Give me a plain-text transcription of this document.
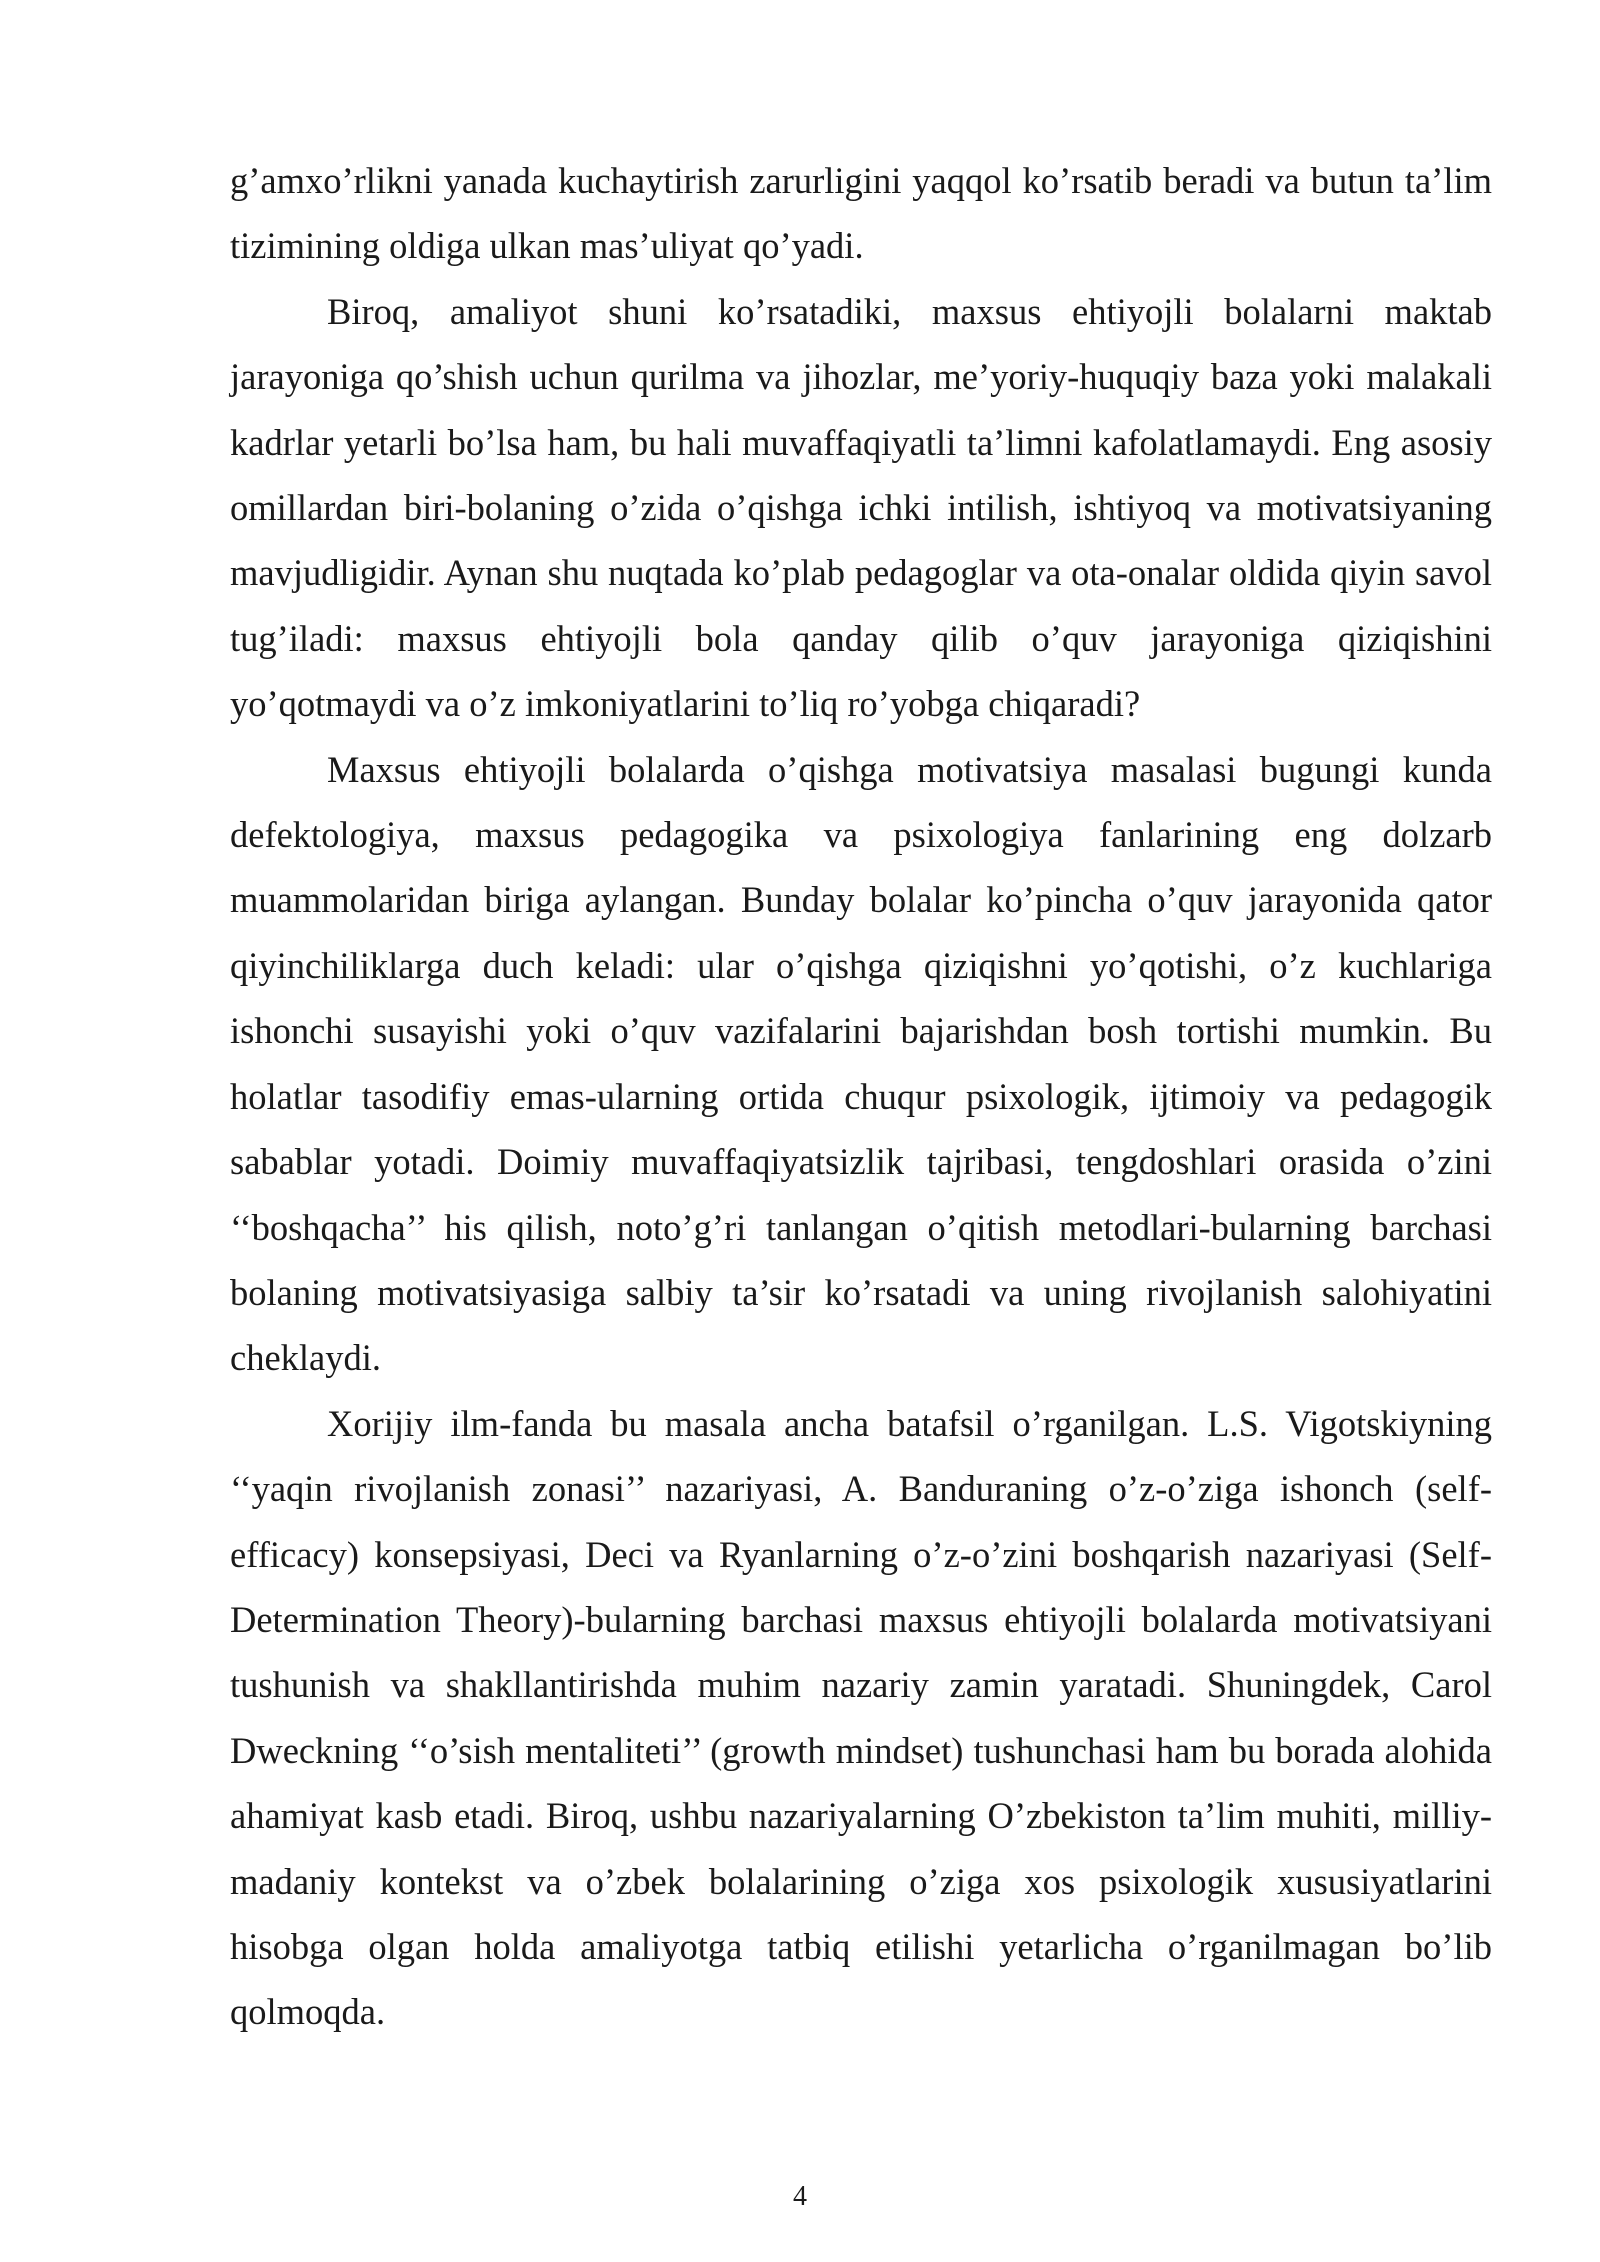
g’amxo’rlikni yanada kuchaytirish zarurligini yaqqol ko’rsatib beradi va butun ta’lim tizimining oldiga ulkan mas’uliyat qo’yadi.

Biroq, amaliyot shuni ko’rsatadiki, maxsus ehtiyojli bolalarni maktab jarayoniga qo’shish uchun qurilma va jihozlar, me’yoriy-huquqiy baza yoki malakali kadrlar yetarli bo’lsa ham, bu hali muvaffaqiyatli ta’limni kafolatlamaydi. Eng asosiy omillardan biri-bolaning o’zida o’qishga ichki intilish, ishtiyoq va motivatsiyaning mavjudligidir. Aynan shu nuqtada ko’plab pedagoglar va ota-onalar oldida qiyin savol tug’iladi: maxsus ehtiyojli bola qanday qilib o’quv jarayoniga qiziqishini yo’qotmaydi va o’z imkoniyatlarini to’liq ro’yobga chiqaradi?

Maxsus ehtiyojli bolalarda o’qishga motivatsiya masalasi bugungi kunda defektologiya, maxsus pedagogika va psixologiya fanlarining eng dolzarb muammolaridan biriga aylangan. Bunday bolalar ko’pincha o’quv jarayonida qator qiyinchiliklarga duch keladi: ular o’qishga qiziqishni yo’qotishi, o’z kuchlariga ishonchi susayishi yoki o’quv vazifalarini bajarishdan bosh tortishi mumkin. Bu holatlar tasodifiy emas-ularning ortida chuqur psixologik, ijtimoiy va pedagogik sabablar yotadi. Doimiy muvaffaqiyatsizlik tajribasi, tengdoshlari orasida o’zini ‘‘boshqacha’’ his qilish, noto’g’ri tanlangan o’qitish metodlari-bularning barchasi bolaning motivatsiyasiga salbiy ta’sir ko’rsatadi va uning rivojlanish salohiyatini cheklaydi.

Xorijiy ilm-fanda bu masala ancha batafsil o’rganilgan. L.S. Vigotskiyning ‘‘yaqin rivojlanish zonasi’’ nazariyasi, A. Banduraning o’z-o’ziga ishonch (self-efficacy) konsepsiyasi, Deci va Ryanlarning o’z-o’zini boshqarish nazariyasi (Self-Determination Theory)-bularning barchasi maxsus ehtiyojli bolalarda motivatsiyani tushunish va shakllantirishda muhim nazariy zamin yaratadi. Shuningdek, Carol Dweckning ‘‘o’sish mentaliteti’’ (growth mindset) tushunchasi ham bu borada alohida ahamiyat kasb etadi. Biroq, ushbu nazariyalarning O’zbekiston ta’lim muhiti, milliy-madaniy kontekst va o’zbek bolalarining o’ziga xos psixologik xususiyatlarini hisobga olgan holda amaliyotga tatbiq etilishi yetarlicha o’rganilmagan bo’lib qolmoqda.

4
